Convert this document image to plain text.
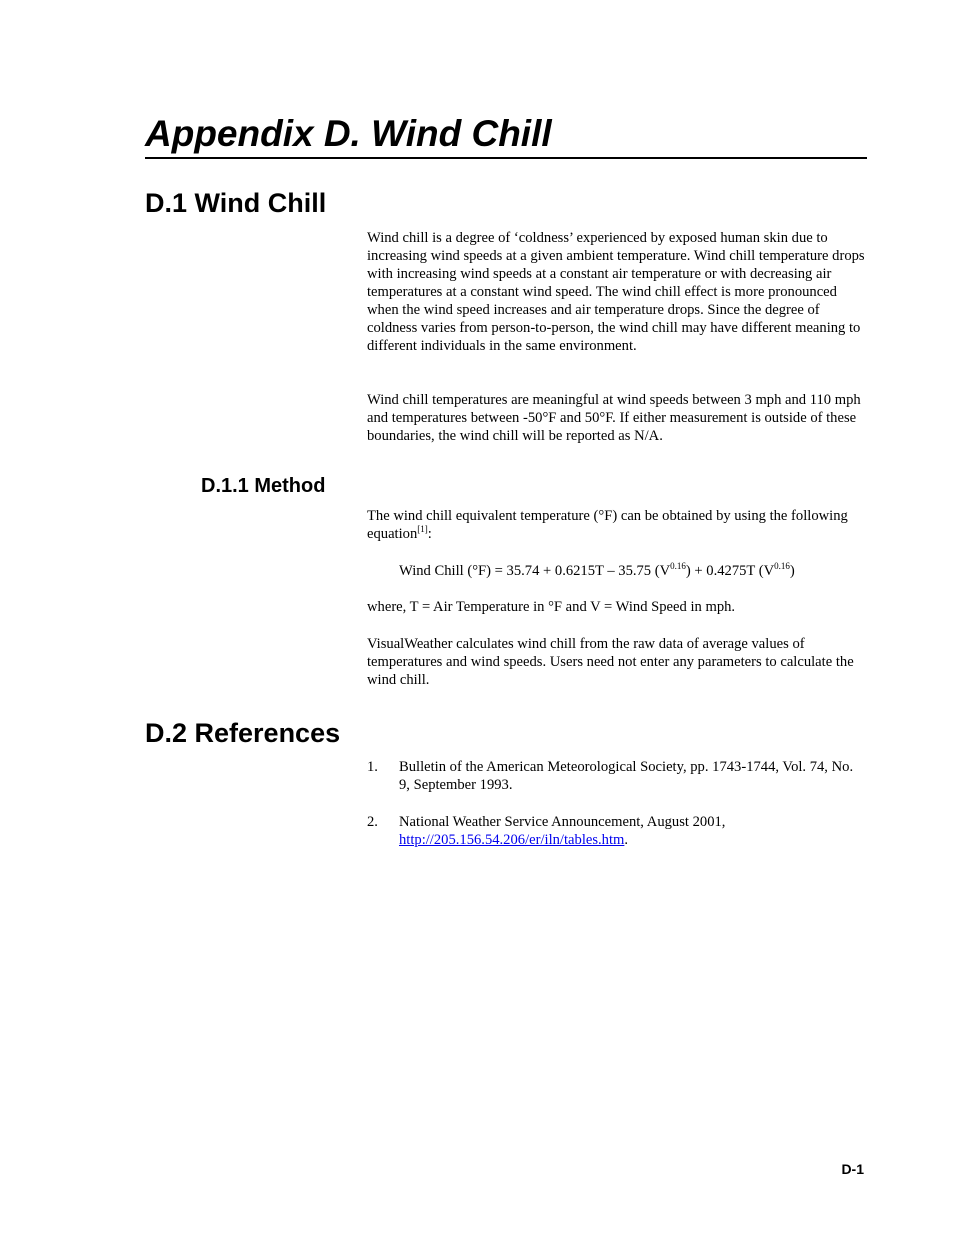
Appendix D. Wind Chill
D.1 Wind Chill

Wind chill is a degree of ‘coldness’ experienced by exposed human skin due to increasing wind speeds at a given ambient temperature. Wind chill temperature drops with increasing wind speeds at a constant air temperature or with decreasing air temperatures at a constant wind speed. The wind chill effect is more pronounced when the wind speed increases and air temperature drops. Since the degree of coldness varies from person-to-person, the wind chill may have different meaning to different individuals in the same environment.

Wind chill temperatures are meaningful at wind speeds between 3 mph and 110 mph and temperatures between -50°F and 50°F. If either measurement is outside of these boundaries, the wind chill will be reported as N/A.

D.1.1 Method

The wind chill equivalent temperature (°F) can be obtained by using the following equation[1]:

Wind Chill (°F) = 35.74 + 0.6215T – 35.75 $(V^{0.16}) + 0.4275T$ $(V^{0.16})$

where, T = Air Temperature in °F and V = Wind Speed in mph.

VisualWeather calculates wind chill from the raw data of average values of temperatures and wind speeds. Users need not enter any parameters to calculate the wind chill.

D.2 References
1. Bulletin of the American Meteorological Society, pp. 1743-1744, Vol. 74, No. 9, September 1993.
2. National Weather Service Announcement, August 2001,
http://205.156.54.206/er/iln/tables.htm.
D-1
